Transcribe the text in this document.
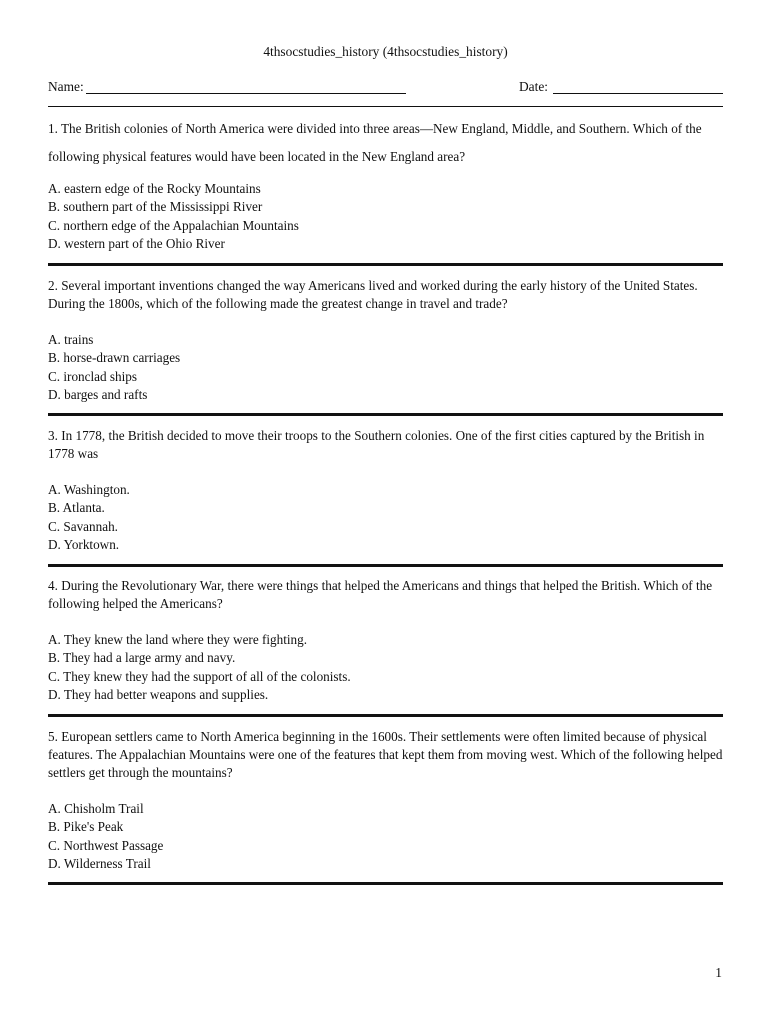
4thsocstudies_history (4thsocstudies_history)
Name:	Date:

1. The British colonies of North America were divided into three areas—New England, Middle, and Southern. Which of the following physical features would have been located in the New England area?

A. eastern edge of the Rocky Mountains
B. southern part of the Mississippi River
C. northern edge of the Appalachian Mountains
D. western part of the Ohio River

2. Several important inventions changed the way Americans lived and worked during the early history of the United States. During the 1800s, which of the following made the greatest change in travel and trade?

A. trains
B. horse-drawn carriages
C. ironclad ships
D. barges and rafts

3. In 1778, the British decided to move their troops to the Southern colonies. One of the first cities captured by the British in 1778 was

A. Washington.
B. Atlanta.
C. Savannah.
D. Yorktown.

4. During the Revolutionary War, there were things that helped the Americans and things that helped the British. Which of the following helped the Americans?

A. They knew the land where they were fighting.
B. They had a large army and navy.
C. They knew they had the support of all of the colonists.
D. They had better weapons and supplies.

5. European settlers came to North America beginning in the 1600s. Their settlements were often limited because of physical features. The Appalachian Mountains were one of the features that kept them from moving west. Which of the following helped settlers get through the mountains?

A. Chisholm Trail
B. Pike's Peak
C. Northwest Passage
D. Wilderness Trail
1
